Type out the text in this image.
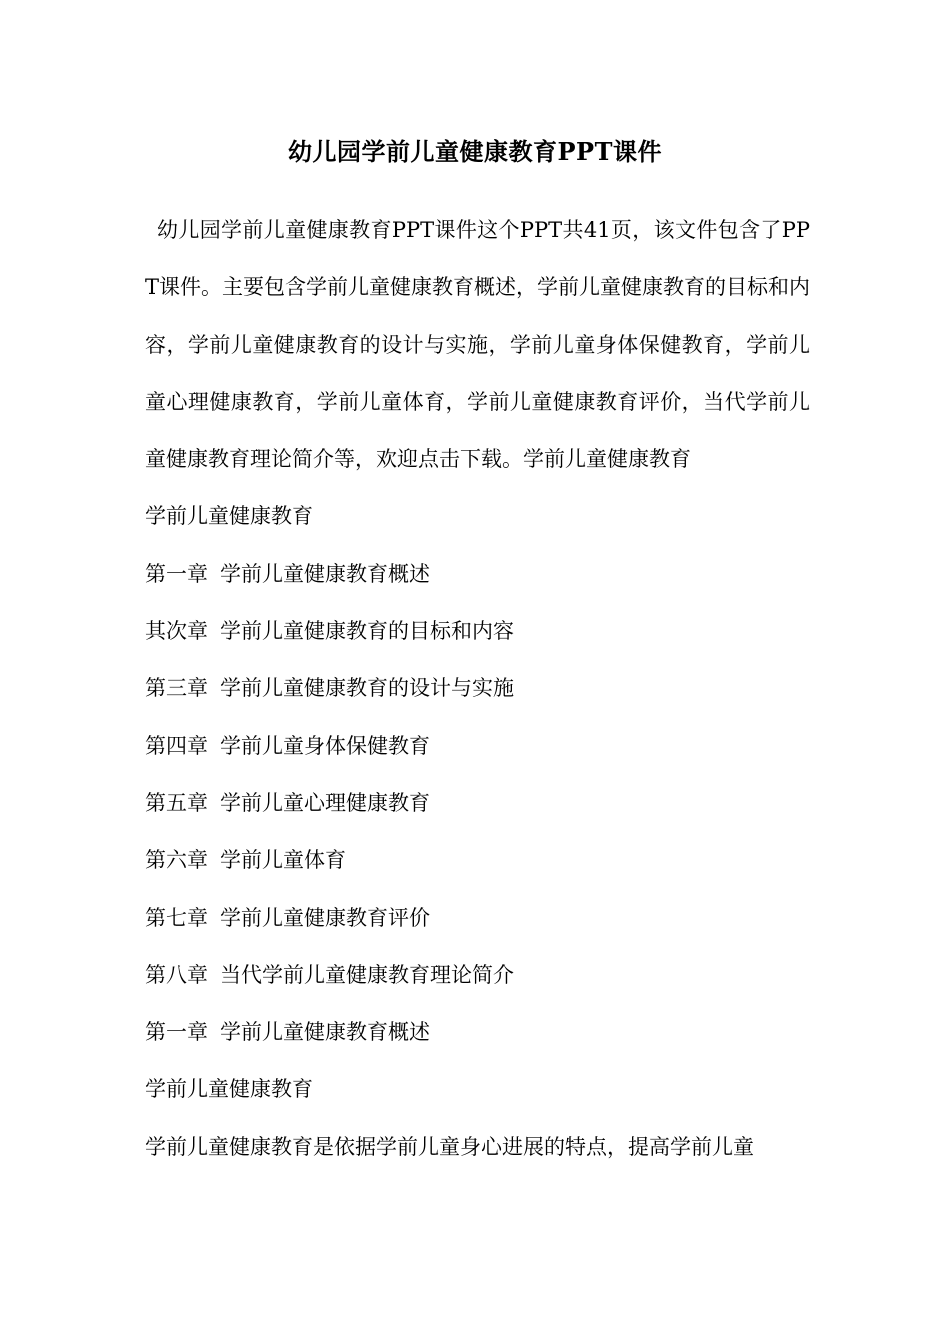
幼儿园学前儿童健康教育PPT课件

幼儿园学前儿童健康教育PPT课件这个PPT共41页，该文件包含了PPT课件。主要包含学前儿童健康教育概述，学前儿童健康教育的目标和内容，学前儿童健康教育的设计与实施，学前儿童身体保健教育，学前儿童心理健康教育，学前儿童体育，学前儿童健康教育评价，当代学前儿童健康教育理论简介等，欢迎点击下载。学前儿童健康教育

学前儿童健康教育

第一章 学前儿童健康教育概述

其次章 学前儿童健康教育的目标和内容

第三章 学前儿童健康教育的设计与实施

第四章 学前儿童身体保健教育

第五章 学前儿童心理健康教育

第六章 学前儿童体育

第七章 学前儿童健康教育评价

第八章 当代学前儿童健康教育理论简介

第一章 学前儿童健康教育概述

学前儿童健康教育

学前儿童健康教育是依据学前儿童身心进展的特点，提高学前儿童
